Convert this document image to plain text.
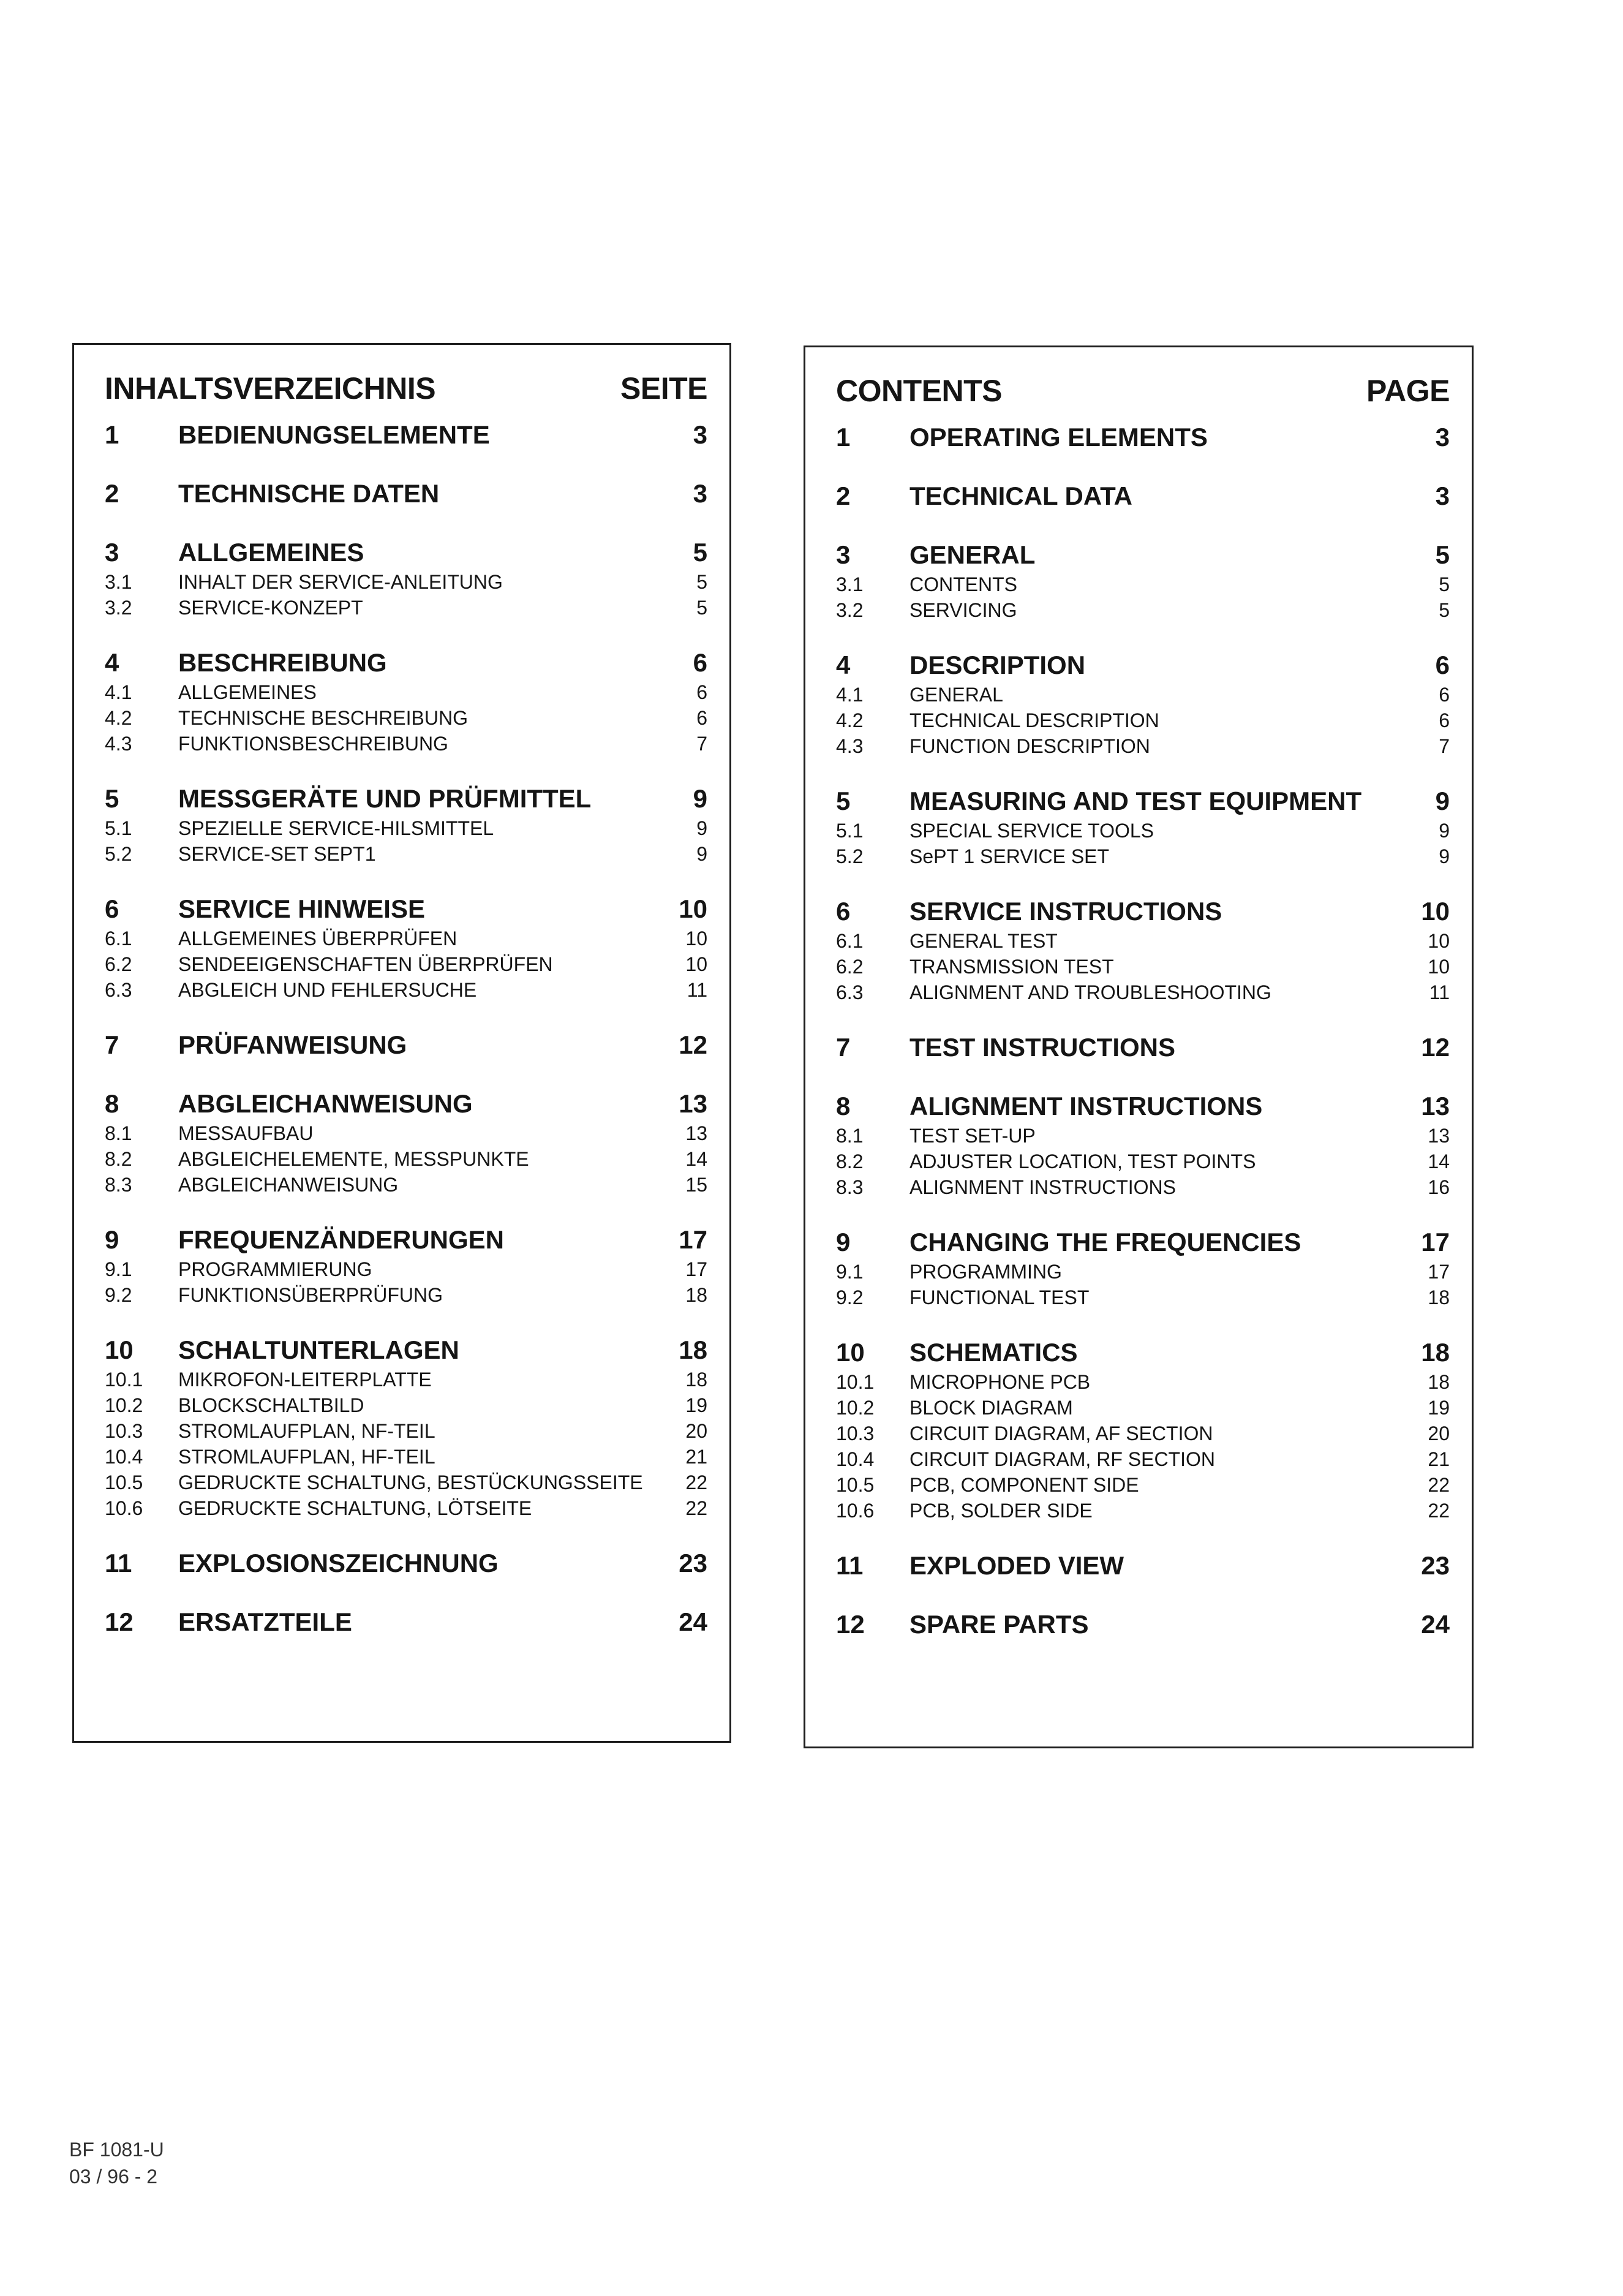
INHALTSVERZEICHNIS	SEITE
1	BEDIENUNGSELEMENTE	3
2	TECHNISCHE DATEN	3
3	ALLGEMEINES	5
3.1	INHALT DER SERVICE-ANLEITUNG	5
3.2	SERVICE-KONZEPT	5
4	BESCHREIBUNG	6
4.1	ALLGEMEINES	6
4.2	TECHNISCHE BESCHREIBUNG	6
4.3	FUNKTIONSBESCHREIBUNG	7
5	MESSGERÄTE UND PRÜFMITTEL	9
5.1	SPEZIELLE SERVICE-HILSMITTEL	9
5.2	SERVICE-SET SEPT1	9
6	SERVICE HINWEISE	10
6.1	ALLGEMEINES ÜBERPRÜFEN	10
6.2	SENDEEIGENSCHAFTEN ÜBERPRÜFEN	10
6.3	ABGLEICH UND FEHLERSUCHE	11
7	PRÜFANWEISUNG	12
8	ABGLEICHANWEISUNG	13
8.1	MESSAUFBAU	13
8.2	ABGLEICHELEMENTE, MESSPUNKTE	14
8.3	ABGLEICHANWEISUNG	15
9	FREQUENZÄNDERUNGEN	17
9.1	PROGRAMMIERUNG	17
9.2	FUNKTIONSÜBERPRÜFUNG	18
10	SCHALTUNTERLAGEN	18
10.1	MIKROFON-LEITERPLATTE	18
10.2	BLOCKSCHALTBILD	19
10.3	STROMLAUFPLAN, NF-TEIL	20
10.4	STROMLAUFPLAN, HF-TEIL	21
10.5	GEDRUCKTE SCHALTUNG, BESTÜCKUNGSSEITE	22
10.6	GEDRUCKTE SCHALTUNG, LÖTSEITE	22
11	EXPLOSIONSZEICHNUNG	23
12	ERSATZTEILE	24
CONTENTS	PAGE
1	OPERATING ELEMENTS	3
2	TECHNICAL DATA	3
3	GENERAL	5
3.1	CONTENTS	5
3.2	SERVICING	5
4	DESCRIPTION	6
4.1	GENERAL	6
4.2	TECHNICAL DESCRIPTION	6
4.3	FUNCTION DESCRIPTION	7
5	MEASURING AND TEST EQUIPMENT	9
5.1	SPECIAL SERVICE TOOLS	9
5.2	SePT 1 SERVICE SET	9
6	SERVICE INSTRUCTIONS	10
6.1	GENERAL TEST	10
6.2	TRANSMISSION TEST	10
6.3	ALIGNMENT AND TROUBLESHOOTING	11
7	TEST INSTRUCTIONS	12
8	ALIGNMENT INSTRUCTIONS	13
8.1	TEST SET-UP	13
8.2	ADJUSTER LOCATION, TEST POINTS	14
8.3	ALIGNMENT INSTRUCTIONS	16
9	CHANGING THE FREQUENCIES	17
9.1	PROGRAMMING	17
9.2	FUNCTIONAL TEST	18
10	SCHEMATICS	18
10.1	MICROPHONE PCB	18
10.2	BLOCK DIAGRAM	19
10.3	CIRCUIT DIAGRAM, AF SECTION	20
10.4	CIRCUIT DIAGRAM, RF SECTION	21
10.5	PCB, COMPONENT SIDE	22
10.6	PCB, SOLDER SIDE	22
11	EXPLODED VIEW	23
12	SPARE PARTS	24
BF 1081-U
03 / 96 - 2
